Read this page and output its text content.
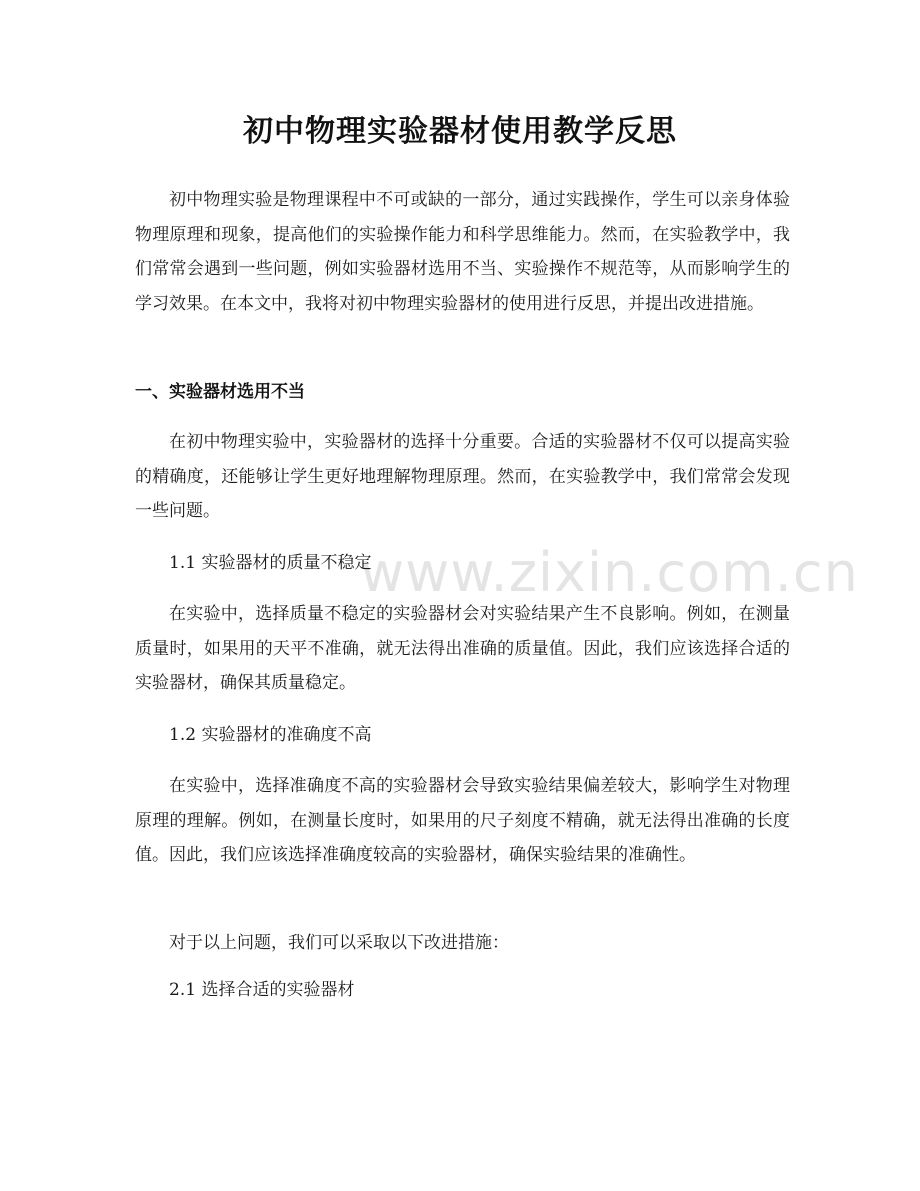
初中物理实验器材使用教学反思

初中物理实验是物理课程中不可或缺的一部分，通过实践操作，学生可以亲身体验物理原理和现象，提高他们的实验操作能力和科学思维能力。然而，在实验教学中，我们常常会遇到一些问题，例如实验器材选用不当、实验操作不规范等，从而影响学生的学习效果。在本文中，我将对初中物理实验器材的使用进行反思，并提出改进措施。

一、实验器材选用不当

在初中物理实验中，实验器材的选择十分重要。合适的实验器材不仅可以提高实验的精确度，还能够让学生更好地理解物理原理。然而，在实验教学中，我们常常会发现一些问题。

1.1 实验器材的质量不稳定

在实验中，选择质量不稳定的实验器材会对实验结果产生不良影响。例如，在测量质量时，如果用的天平不准确，就无法得出准确的质量值。因此，我们应该选择合适的实验器材，确保其质量稳定。

1.2 实验器材的准确度不高

在实验中，选择准确度不高的实验器材会导致实验结果偏差较大，影响学生对物理原理的理解。例如，在测量长度时，如果用的尺子刻度不精确，就无法得出准确的长度值。因此，我们应该选择准确度较高的实验器材，确保实验结果的准确性。

对于以上问题，我们可以采取以下改进措施：

2.1 选择合适的实验器材
www.zixin.com.cn
